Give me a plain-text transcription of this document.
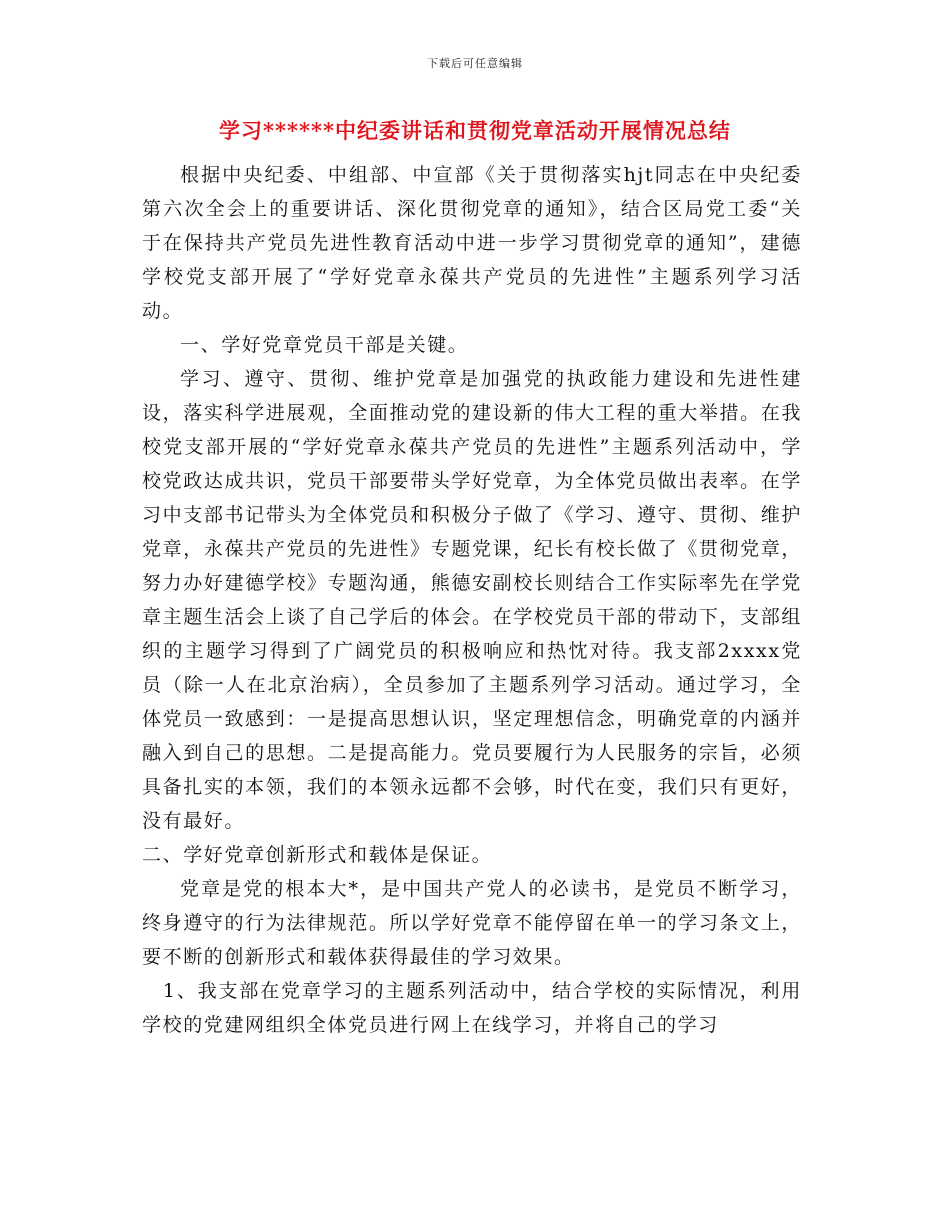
下载后可任意编辑
学习******中纪委讲话和贯彻党章活动开展情况总结

根据中央纪委、中组部、中宣部《关于贯彻落实hjt同志在中央纪委第六次全会上的重要讲话、深化贯彻党章的通知》，结合区局党工委“关于在保持共产党员先进性教育活动中进一步学习贯彻党章的通知”，建德学校党支部开展了“学好党章永葆共产党员的先进性”主题系列学习活动。

一、学好党章党员干部是关键。

学习、遵守、贯彻、维护党章是加强党的执政能力建设和先进性建设，落实科学进展观，全面推动党的建设新的伟大工程的重大举措。在我校党支部开展的“学好党章永葆共产党员的先进性”主题系列活动中，学校党政达成共识，党员干部要带头学好党章，为全体党员做出表率。在学习中支部书记带头为全体党员和积极分子做了《学习、遵守、贯彻、维护党章，永葆共产党员的先进性》专题党课，纪长有校长做了《贯彻党章，努力办好建德学校》专题沟通，熊德安副校长则结合工作实际率先在学党章主题生活会上谈了自己学后的体会。在学校党员干部的带动下，支部组织的主题学习得到了广阔党员的积极响应和热忱对待。我支部2xxxx党员（除一人在北京治病），全员参加了主题系列学习活动。通过学习，全体党员一致感到：一是提高思想认识，坚定理想信念，明确党章的内涵并融入到自己的思想。二是提高能力。党员要履行为人民服务的宗旨，必须具备扎实的本领，我们的本领永远都不会够，时代在变，我们只有更好，没有最好。

二、学好党章创新形式和载体是保证。

党章是党的根本大*，是中国共产党人的必读书，是党员不断学习，终身遵守的行为法律规范。所以学好党章不能停留在单一的学习条文上，要不断的创新形式和载体获得最佳的学习效果。

1、我支部在党章学习的主题系列活动中，结合学校的实际情况，利用学校的党建网组织全体党员进行网上在线学习，并将自己的学习
